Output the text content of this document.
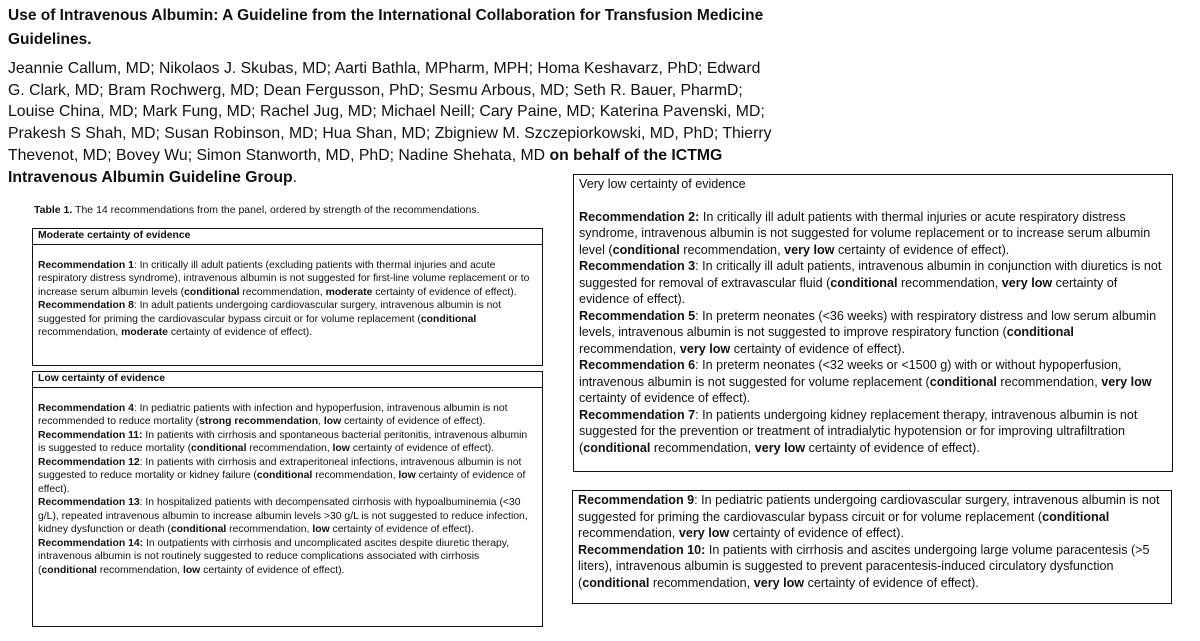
Use of Intravenous Albumin: A Guideline from the International Collaboration for Transfusion Medicine Guidelines.

Jeannie Callum, MD; Nikolaos J. Skubas, MD; Aarti Bathla, MPharm, MPH; Homa Keshavarz, PhD; Edward G. Clark, MD; Bram Rochwerg, MD; Dean Fergusson, PhD; Sesmu Arbous, MD; Seth R. Bauer, PharmD; Louise China, MD; Mark Fung, MD; Rachel Jug, MD; Michael Neill; Cary Paine, MD; Katerina Pavenski, MD; Prakesh S Shah, MD; Susan Robinson, MD; Hua Shan, MD; Zbigniew M. Szczepiorkowski, MD, PhD; Thierry Thevenot, MD; Bovey Wu; Simon Stanworth, MD, PhD; Nadine Shehata, MD on behalf of the ICTMG Intravenous Albumin Guideline Group.

Table 1. The 14 recommendations from the panel, ordered by strength of the recommendations.

Moderate certainty of evidence

Recommendation 1: In critically ill adult patients (excluding patients with thermal injuries and acute respiratory distress syndrome), intravenous albumin is not suggested for first-line volume replacement or to increase serum albumin levels (conditional recommendation, moderate certainty of evidence of effect).

Recommendation 8: In adult patients undergoing cardiovascular surgery, intravenous albumin is not suggested for priming the cardiovascular bypass circuit or for volume replacement (conditional recommendation, moderate certainty of evidence of effect).

Low certainty of evidence

Recommendation 4: In pediatric patients with infection and hypoperfusion, intravenous albumin is not recommended to reduce mortality (strong recommendation, low certainty of evidence of effect).

Recommendation 11: In patients with cirrhosis and spontaneous bacterial peritonitis, intravenous albumin is suggested to reduce mortality (conditional recommendation, low certainty of evidence of effect).

Recommendation 12: In patients with cirrhosis and extraperitoneal infections, intravenous albumin is not suggested to reduce mortality or kidney failure (conditional recommendation, low certainty of evidence of effect).

Recommendation 13: In hospitalized patients with decompensated cirrhosis with hypoalbuminemia (<30 g/L), repeated intravenous albumin to increase albumin levels >30 g/L is not suggested to reduce infection, kidney dysfunction or death (conditional recommendation, low certainty of evidence of effect).

Recommendation 14: In outpatients with cirrhosis and uncomplicated ascites despite diuretic therapy, intravenous albumin is not routinely suggested to reduce complications associated with cirrhosis (conditional recommendation, low certainty of evidence of effect).

Very low certainty of evidence

Recommendation 2: In critically ill adult patients with thermal injuries or acute respiratory distress syndrome, intravenous albumin is not suggested for volume replacement or to increase serum albumin level (conditional recommendation, very low certainty of evidence of effect).

Recommendation 3: In critically ill adult patients, intravenous albumin in conjunction with diuretics is not suggested for removal of extravascular fluid (conditional recommendation, very low certainty of evidence of effect).

Recommendation 5: In preterm neonates (<36 weeks) with respiratory distress and low serum albumin levels, intravenous albumin is not suggested to improve respiratory function (conditional recommendation, very low certainty of evidence of effect).

Recommendation 6: In preterm neonates (<32 weeks or <1500 g) with or without hypoperfusion, intravenous albumin is not suggested for volume replacement (conditional recommendation, very low certainty of evidence of effect).

Recommendation 7: In patients undergoing kidney replacement therapy, intravenous albumin is not suggested for the prevention or treatment of intradialytic hypotension or for improving ultrafiltration (conditional recommendation, very low certainty of evidence of effect).

Recommendation 9: In pediatric patients undergoing cardiovascular surgery, intravenous albumin is not suggested for priming the cardiovascular bypass circuit or for volume replacement (conditional recommendation, very low certainty of evidence of effect).

Recommendation 10: In patients with cirrhosis and ascites undergoing large volume paracentesis (>5 liters), intravenous albumin is suggested to prevent paracentesis-induced circulatory dysfunction (conditional recommendation, very low certainty of evidence of effect).
